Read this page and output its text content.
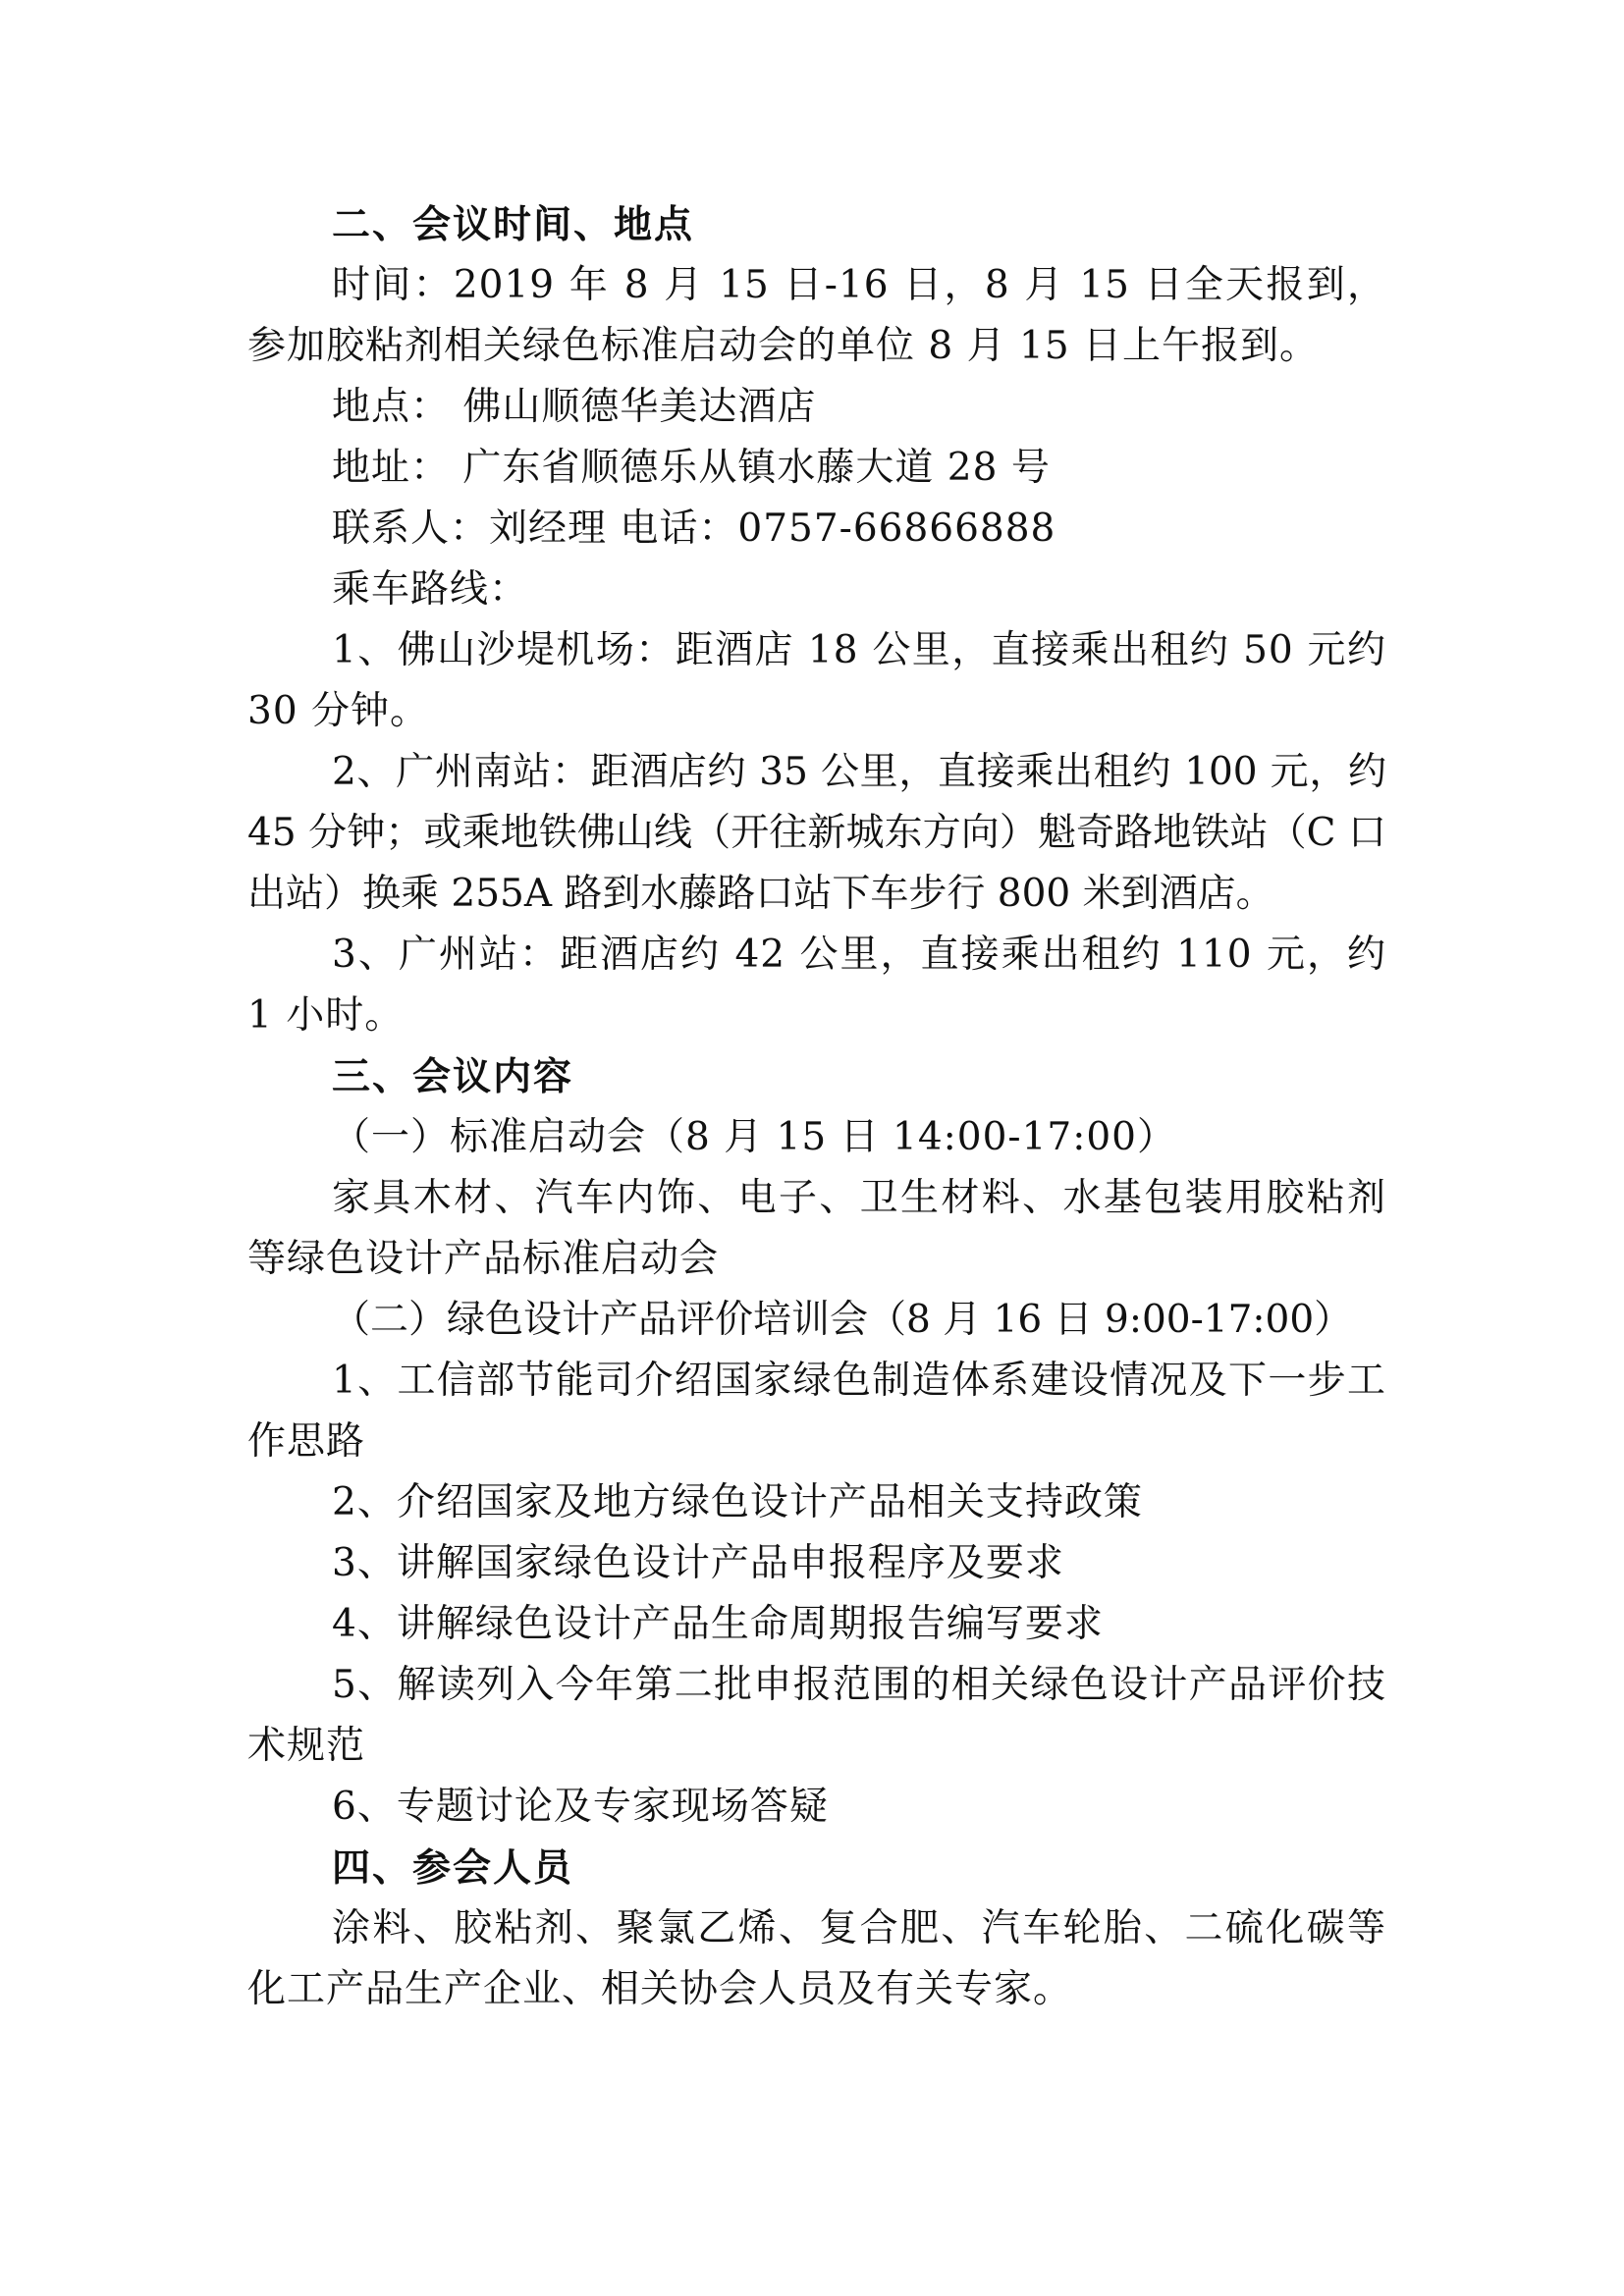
二、会议时间、地点

时间：2019 年 8 月 15 日-16 日，8 月 15 日全天报到，参加胶粘剂相关绿色标准启动会的单位 8 月 15 日上午报到。

地点： 佛山顺德华美达酒店

地址： 广东省顺德乐从镇水藤大道 28 号

联系人：刘经理 电话：0757-66866888

乘车路线：

1、佛山沙堤机场：距酒店 18 公里，直接乘出租约 50 元约 30 分钟。

2、广州南站：距酒店约 35 公里，直接乘出租约 100 元，约 45 分钟；或乘地铁佛山线（开往新城东方向）魁奇路地铁站（C 口出站）换乘 255A 路到水藤路口站下车步行 800 米到酒店。

3、广州站：距酒店约 42 公里，直接乘出租约 110 元，约 1 小时。

三、会议内容

（一）标准启动会（8 月 15 日 14:00-17:00）

家具木材、汽车内饰、电子、卫生材料、水基包装用胶粘剂等绿色设计产品标准启动会

（二）绿色设计产品评价培训会（8 月 16 日 9:00-17:00）

1、工信部节能司介绍国家绿色制造体系建设情况及下一步工作思路

2、介绍国家及地方绿色设计产品相关支持政策

3、讲解国家绿色设计产品申报程序及要求

4、讲解绿色设计产品生命周期报告编写要求

5、解读列入今年第二批申报范围的相关绿色设计产品评价技术规范

6、专题讨论及专家现场答疑

四、参会人员

涂料、胶粘剂、聚氯乙烯、复合肥、汽车轮胎、二硫化碳等化工产品生产企业、相关协会人员及有关专家。
